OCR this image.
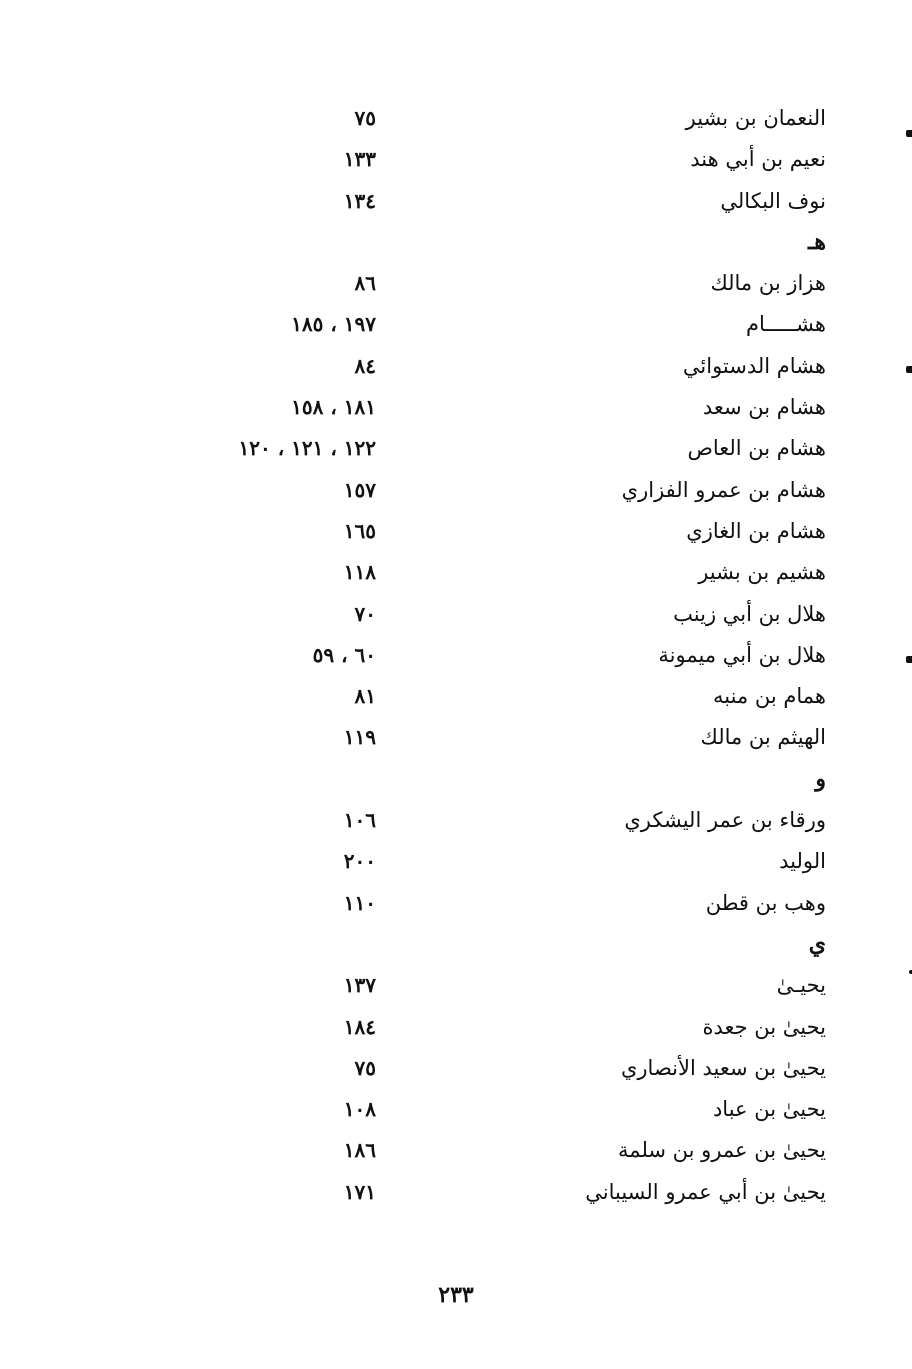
النعمان بن بشير
٧٥
نعيم بن أبي هند
١٣٣
نوف البكالي
١٣٤
هـ
هزاز بن مالك
٨٦
هشـــــام
١٩٧ ، ١٨٥
هشام الدستوائي
٨٤
هشام بن سعد
١٨١ ، ١٥٨
هشام بن العاص
١٢٢ ، ١٢١ ، ١٢٠
هشام بن عمرو الفزاري
١٥٧
هشام بن الغازي
١٦٥
هشيم بن بشير
١١٨
هلال بن أبي زينب
٧٠
هلال بن أبي ميمونة
٦٠ ، ٥٩
همام بن منبه
٨١
الهيثم بن مالك
١١٩
و
ورقاء بن عمر اليشكري
١٠٦
الوليد
٢٠٠
وهب بن قطن
١١٠
ي
يحيـىٰ
١٣٧
يحيىٰ بن جعدة
١٨٤
يحيىٰ بن سعيد الأنصاري
٧٥
يحيىٰ بن عباد
١٠٨
يحيىٰ بن عمرو بن سلمة
١٨٦
يحيىٰ بن أبي عمرو السيباني
١٧١
٢٣٣
